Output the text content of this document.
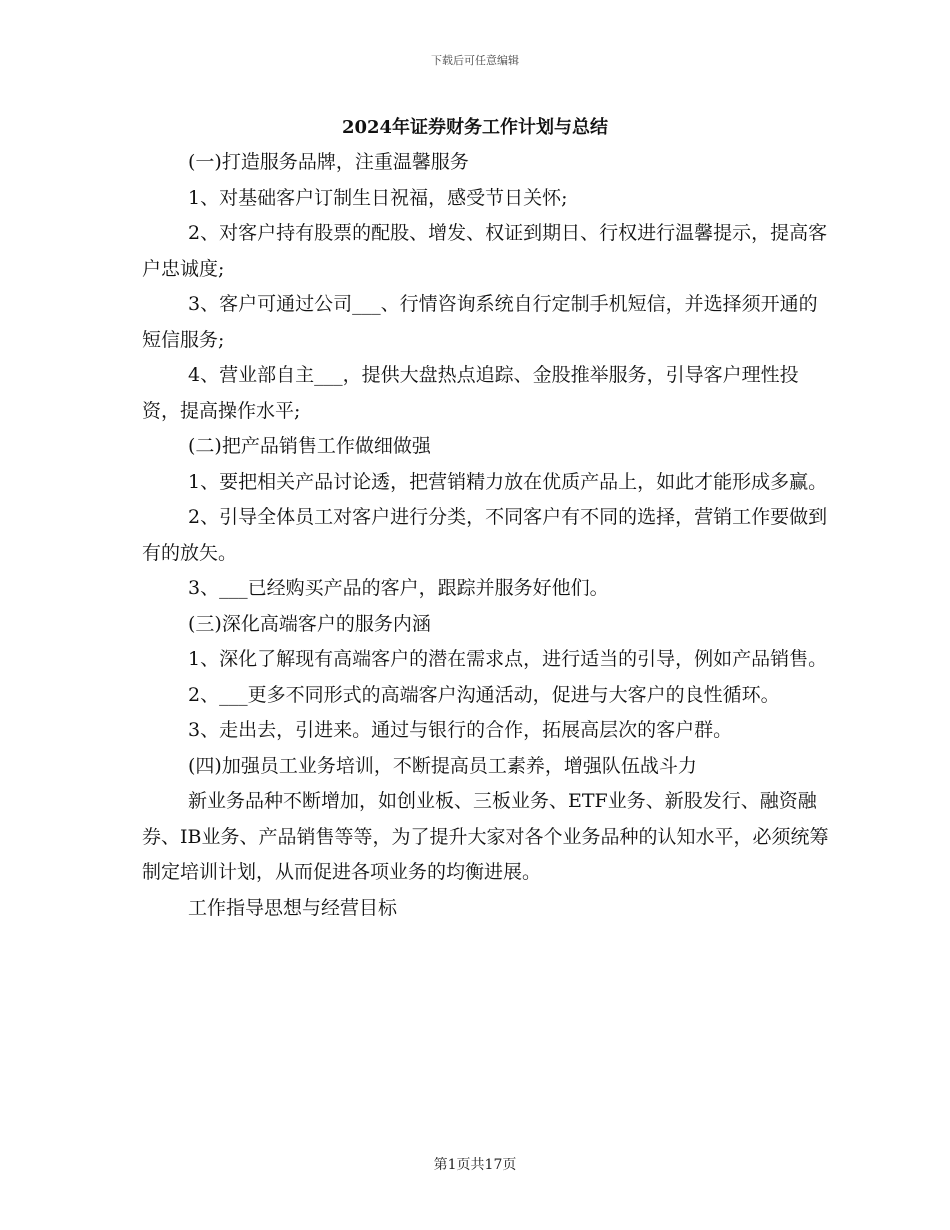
下载后可任意编辑
2024年证券财务工作计划与总结

(一)打造服务品牌，注重温馨服务

1、对基础客户订制生日祝福，感受节日关怀;

2、对客户持有股票的配股、增发、权证到期日、行权进行温馨提示，提高客户忠诚度;

3、客户可通过公司___、行情咨询系统自行定制手机短信，并选择须开通的短信服务;

4、营业部自主___，提供大盘热点追踪、金股推举服务，引导客户理性投资，提高操作水平;

(二)把产品销售工作做细做强

1、要把相关产品讨论透，把营销精力放在优质产品上，如此才能形成多赢。

2、引导全体员工对客户进行分类，不同客户有不同的选择，营销工作要做到有的放矢。

3、___已经购买产品的客户，跟踪并服务好他们。

(三)深化高端客户的服务内涵

1、深化了解现有高端客户的潜在需求点，进行适当的引导，例如产品销售。

2、___更多不同形式的高端客户沟通活动，促进与大客户的良性循环。

3、走出去，引进来。通过与银行的合作，拓展高层次的客户群。

(四)加强员工业务培训，不断提高员工素养，增强队伍战斗力

新业务品种不断增加，如创业板、三板业务、ETF业务、新股发行、融资融券、IB业务、产品销售等等，为了提升大家对各个业务品种的认知水平，必须统筹制定培训计划，从而促进各项业务的均衡进展。

工作指导思想与经营目标

第1页共17页
